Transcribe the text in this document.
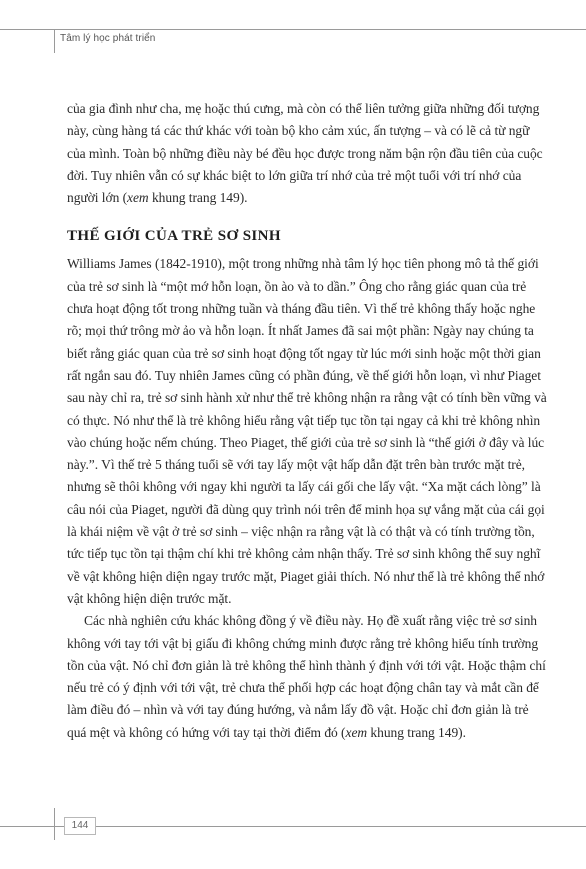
Tâm lý học phát triển

của gia đình như cha, mẹ hoặc thú cưng, mà còn có thể liên tưởng giữa những đối tượng này, cùng hàng tá các thứ khác với toàn bộ kho cảm xúc, ấn tượng – và có lẽ cả từ ngữ của mình. Toàn bộ những điều này bé đều học được trong năm bận rộn đầu tiên của cuộc đời. Tuy nhiên vẫn có sự khác biệt to lớn giữa trí nhớ của trẻ một tuổi với trí nhớ của người lớn (xem khung trang 149).

THẾ GIỚI CỦA TRẺ SƠ SINH

Williams James (1842-1910), một trong những nhà tâm lý học tiên phong mô tả thế giới của trẻ sơ sinh là “một mớ hỗn loạn, ồn ào và to dần.” Ông cho rằng giác quan của trẻ chưa hoạt động tốt trong những tuần và tháng đầu tiên. Vì thế trẻ không thấy hoặc nghe rõ; mọi thứ trông mờ ảo và hỗn loạn. Ít nhất James đã sai một phần: Ngày nay chúng ta biết rằng giác quan của trẻ sơ sinh hoạt động tốt ngay từ lúc mới sinh hoặc một thời gian rất ngắn sau đó. Tuy nhiên James cũng có phần đúng, về thế giới hỗn loạn, vì như Piaget sau này chỉ ra, trẻ sơ sinh hành xử như thể trẻ không nhận ra rằng vật có tính bền vững và có thực. Nó như thể là trẻ không hiểu rằng vật tiếp tục tồn tại ngay cả khi trẻ không nhìn vào chúng hoặc nếm chúng. Theo Piaget, thế giới của trẻ sơ sinh là “thế giới ở đây và lúc này.”. Vì thế trẻ 5 tháng tuổi sẽ với tay lấy một vật hấp dẫn đặt trên bàn trước mặt trẻ, nhưng sẽ thôi không với ngay khi người ta lấy cái gối che lấy vật. “Xa mặt cách lòng” là câu nói của Piaget, người đã dùng quy trình nói trên để minh họa sự vắng mặt của cái gọi là khái niệm về vật ở trẻ sơ sinh – việc nhận ra rằng vật là có thật và có tính trường tồn, tức tiếp tục tồn tại thậm chí khi trẻ không cảm nhận thấy. Trẻ sơ sinh không thể suy nghĩ về vật không hiện diện ngay trước mặt, Piaget giải thích. Nó như thể là trẻ không thể nhớ vật không hiện diện trước mặt.

Các nhà nghiên cứu khác không đồng ý về điều này. Họ đề xuất rằng việc trẻ sơ sinh không với tay tới vật bị giấu đi không chứng minh được rằng trẻ không hiểu tính trường tồn của vật. Nó chỉ đơn giản là trẻ không thể hình thành ý định với tới vật. Hoặc thậm chí nếu trẻ có ý định với tới vật, trẻ chưa thể phối hợp các hoạt động chân tay và mắt cần để làm điều đó – nhìn và với tay đúng hướng, và nắm lấy đồ vật. Hoặc chỉ đơn giản là trẻ quá mệt và không có hứng với tay tại thời điểm đó (xem khung trang 149).

144
